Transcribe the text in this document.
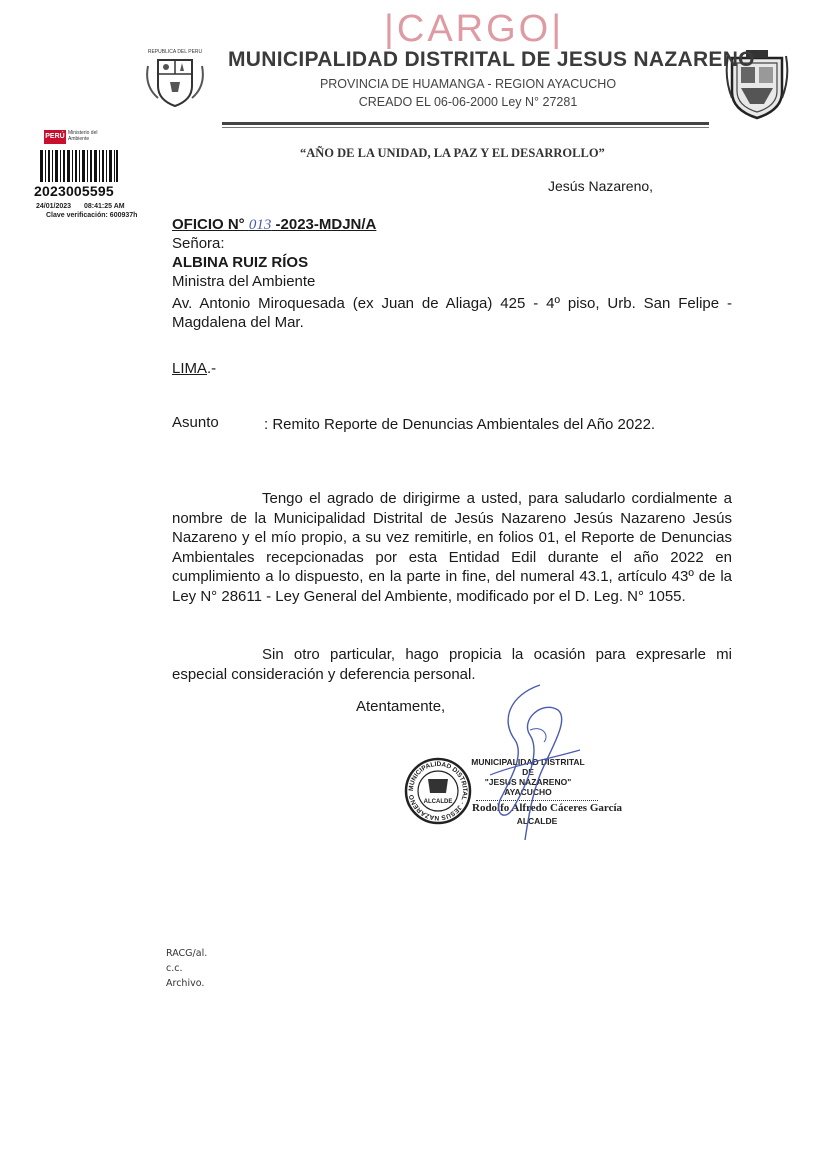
REPUBLICA DEL PERU
|CARGO|
MUNICIPALIDAD DISTRITAL DE JESUS NAZARENO
PROVINCIA DE HUAMANGA - REGION AYACUCHO
CREADO EL 06-06-2000 Ley N° 27281
“AÑO DE LA UNIDAD, LA PAZ Y EL DESARROLLO”
PERÚ Ministerio del Ambiente
2023005595
24/01/2023 08:41:25 AM
Clave verificación: 600937h
Jesús Nazareno,
OFICIO N° 013 -2023-MDJN/A
Señora:
ALBINA RUIZ RÍOS
Ministra del Ambiente
Av. Antonio Miroquesada (ex Juan de Aliaga) 425 - 4º piso, Urb. San Felipe - Magdalena del Mar.
LIMA.-
Asunto	: Remito Reporte de Denuncias Ambientales del Año 2022.
Tengo el agrado de dirigirme a usted, para saludarlo cordialmente a nombre de la Municipalidad Distrital de Jesús Nazareno Jesús Nazareno Jesús Nazareno y el mío propio, a su vez remitirle, en folios 01, el Reporte de Denuncias Ambientales recepcionadas por esta Entidad Edil durante el año 2022 en cumplimiento a lo dispuesto, en la parte in fine, del numeral 43.1, artículo 43º de la Ley N° 28611 - Ley General del Ambiente, modificado por el D. Leg. N° 1055.
Sin otro particular, hago propicia la ocasión para expresarle mi especial consideración y deferencia personal.
Atentamente,
MUNICIPALIDAD DISTRITAL · JESUS NAZARENO
ALCALDE
MUNICIPALIDAD DISTRITAL DE
"JESUS NAZARENO"
AYACUCHO
Rodolfo Alfredo Cáceres García
ALCALDE
RACG/al.
c.c.
Archivo.
